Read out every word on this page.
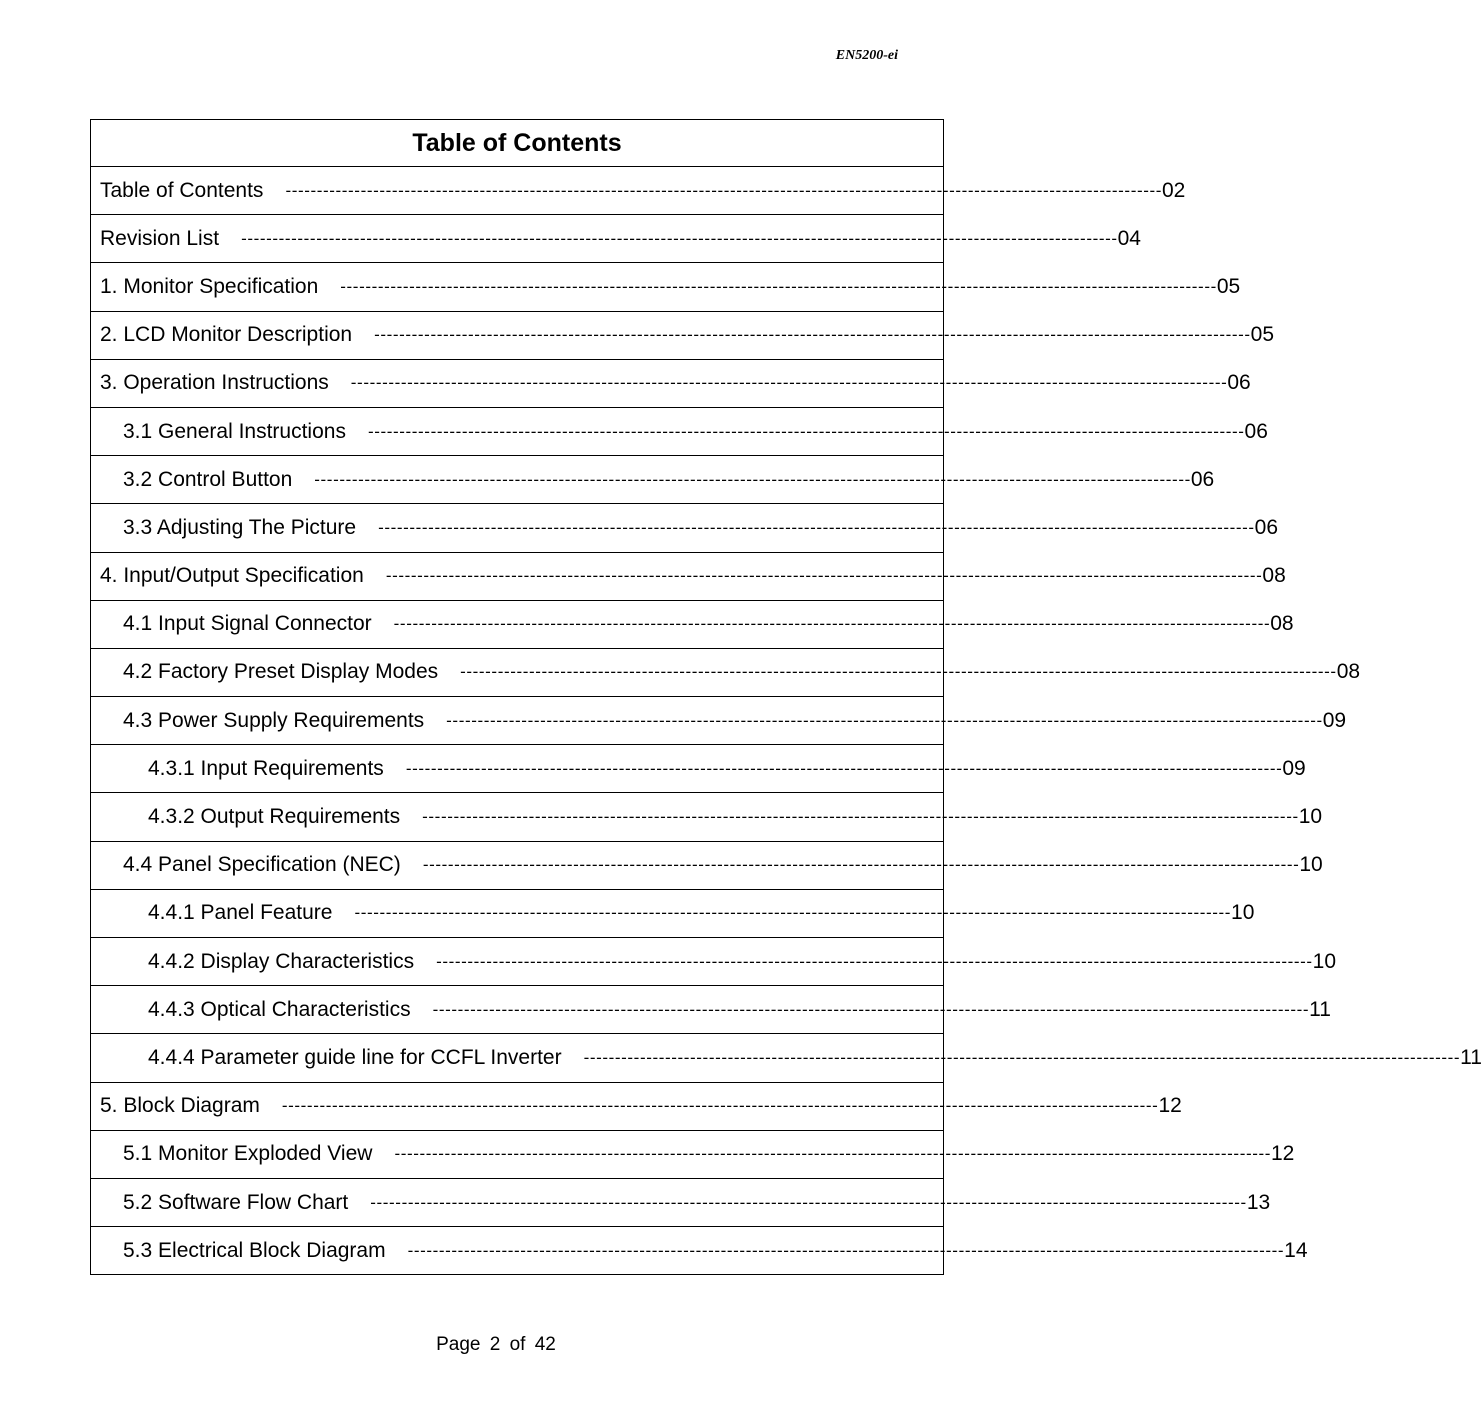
EN5200-ei
Table of Contents
Table of Contents -------------------------------------------------------------------------------------------------------------------------------------------- 02
Revision List -------------------------------------------------------------------------------------------------------------------------------------------- 04
1. Monitor Specification -------------------------------------------------------------------------------------------------------------------------------------------- 05
2. LCD Monitor Description -------------------------------------------------------------------------------------------------------------------------------------------- 05
3. Operation Instructions -------------------------------------------------------------------------------------------------------------------------------------------- 06
3.1 General Instructions -------------------------------------------------------------------------------------------------------------------------------------------- 06
3.2 Control Button -------------------------------------------------------------------------------------------------------------------------------------------- 06
3.3 Adjusting The Picture -------------------------------------------------------------------------------------------------------------------------------------------- 06
4. Input/Output Specification -------------------------------------------------------------------------------------------------------------------------------------------- 08
4.1 Input Signal Connector -------------------------------------------------------------------------------------------------------------------------------------------- 08
4.2 Factory Preset Display Modes -------------------------------------------------------------------------------------------------------------------------------------------- 08
4.3 Power Supply Requirements -------------------------------------------------------------------------------------------------------------------------------------------- 09
4.3.1 Input Requirements -------------------------------------------------------------------------------------------------------------------------------------------- 09
4.3.2 Output Requirements -------------------------------------------------------------------------------------------------------------------------------------------- 10
4.4 Panel Specification (NEC) -------------------------------------------------------------------------------------------------------------------------------------------- 10
4.4.1 Panel Feature -------------------------------------------------------------------------------------------------------------------------------------------- 10
4.4.2 Display Characteristics -------------------------------------------------------------------------------------------------------------------------------------------- 10
4.4.3 Optical Characteristics -------------------------------------------------------------------------------------------------------------------------------------------- 11
4.4.4 Parameter guide line for CCFL Inverter -------------------------------------------------------------------------------------------------------------------------------------------- 11
5. Block Diagram -------------------------------------------------------------------------------------------------------------------------------------------- 12
5.1 Monitor Exploded View -------------------------------------------------------------------------------------------------------------------------------------------- 12
5.2 Software Flow Chart -------------------------------------------------------------------------------------------------------------------------------------------- 13
5.3 Electrical Block Diagram -------------------------------------------------------------------------------------------------------------------------------------------- 14
Page 2 of 42
